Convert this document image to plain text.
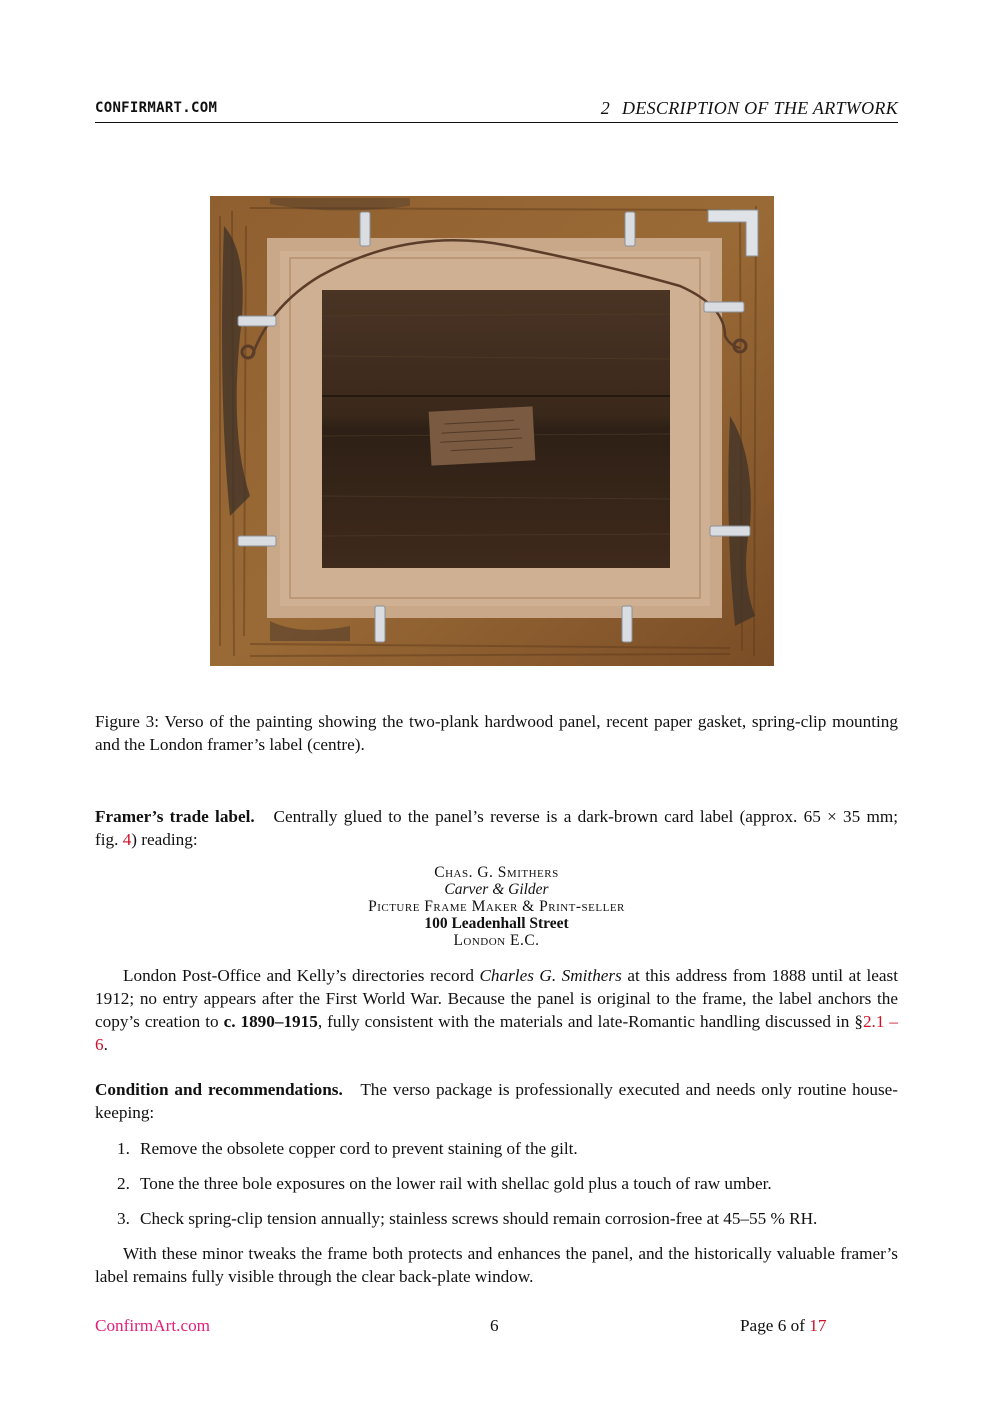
CONFIRMART.COM	2 DESCRIPTION OF THE ARTWORK
Figure 3: Verso of the painting showing the two-plank hardwood panel, recent paper gasket, spring-clip mounting and the London framer’s label (centre).
Framer’s trade label. Centrally glued to the panel’s reverse is a dark-brown card label (approx. 65 × 35 mm; fig. 4) reading:
Chas. G. Smithers
Carver & Gilder
Picture Frame Maker & Print-seller
100 Leadenhall Street
London E.C.
London Post-Office and Kelly’s directories record Charles G. Smithers at this address from 1888 until at least 1912; no entry appears after the First World War. Because the panel is original to the frame, the label anchors the copy’s creation to c. 1890–1915, fully consistent with the materials and late-Romantic handling discussed in §2.1 – 6.
Condition and recommendations. The verso package is professionally executed and needs only routine house-keeping:
1. Remove the obsolete copper cord to prevent staining of the gilt.
2. Tone the three bole exposures on the lower rail with shellac gold plus a touch of raw umber.
3. Check spring-clip tension annually; stainless screws should remain corrosion-free at 45–55 % RH.
With these minor tweaks the frame both protects and enhances the panel, and the historically valuable framer’s label remains fully visible through the clear back-plate window.
ConfirmArt.com	6	Page 6 of 17
